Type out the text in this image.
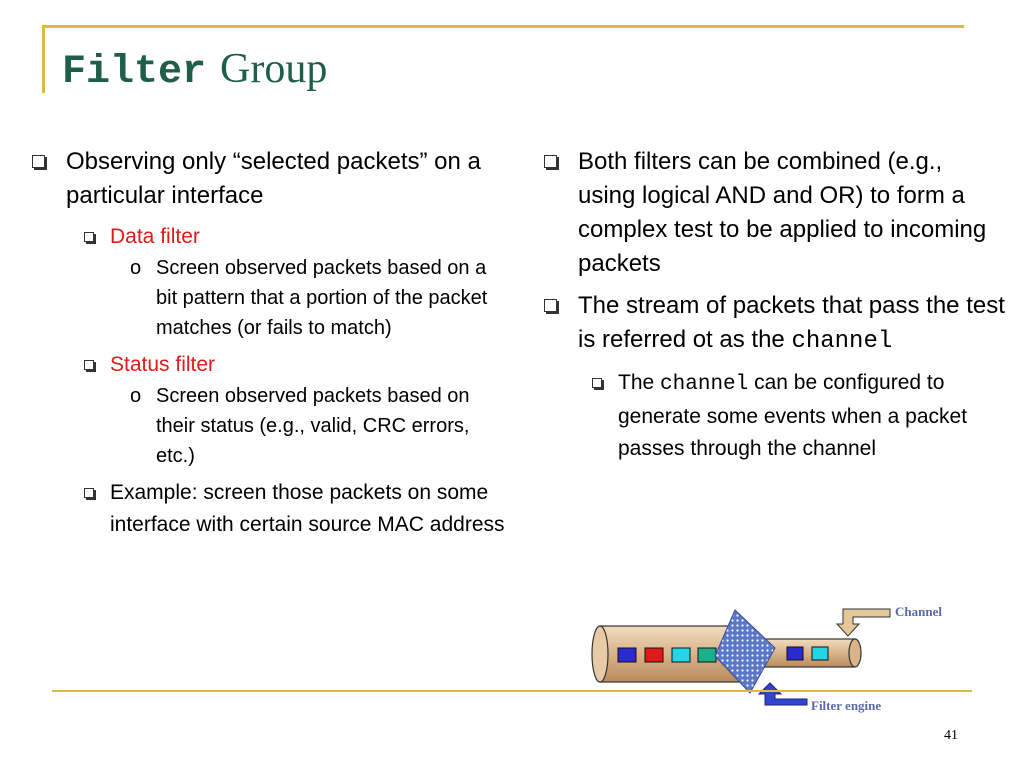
Filter Group
Observing only “selected packets” on a particular interface
Data filter
o Screen observed packets based on a bit pattern that a portion of the packet matches (or fails to match)
Status filter
o Screen observed packets based on their status (e.g., valid, CRC errors, etc.)
Example: screen those packets on some interface with certain source MAC address
Both filters can be combined (e.g., using logical AND and OR) to form a complex test to be applied to incoming packets
The stream of packets that pass the test is referred ot as the channel
The channel can be configured to generate some events when a packet passes through the channel
Channel
Filter engine
41
